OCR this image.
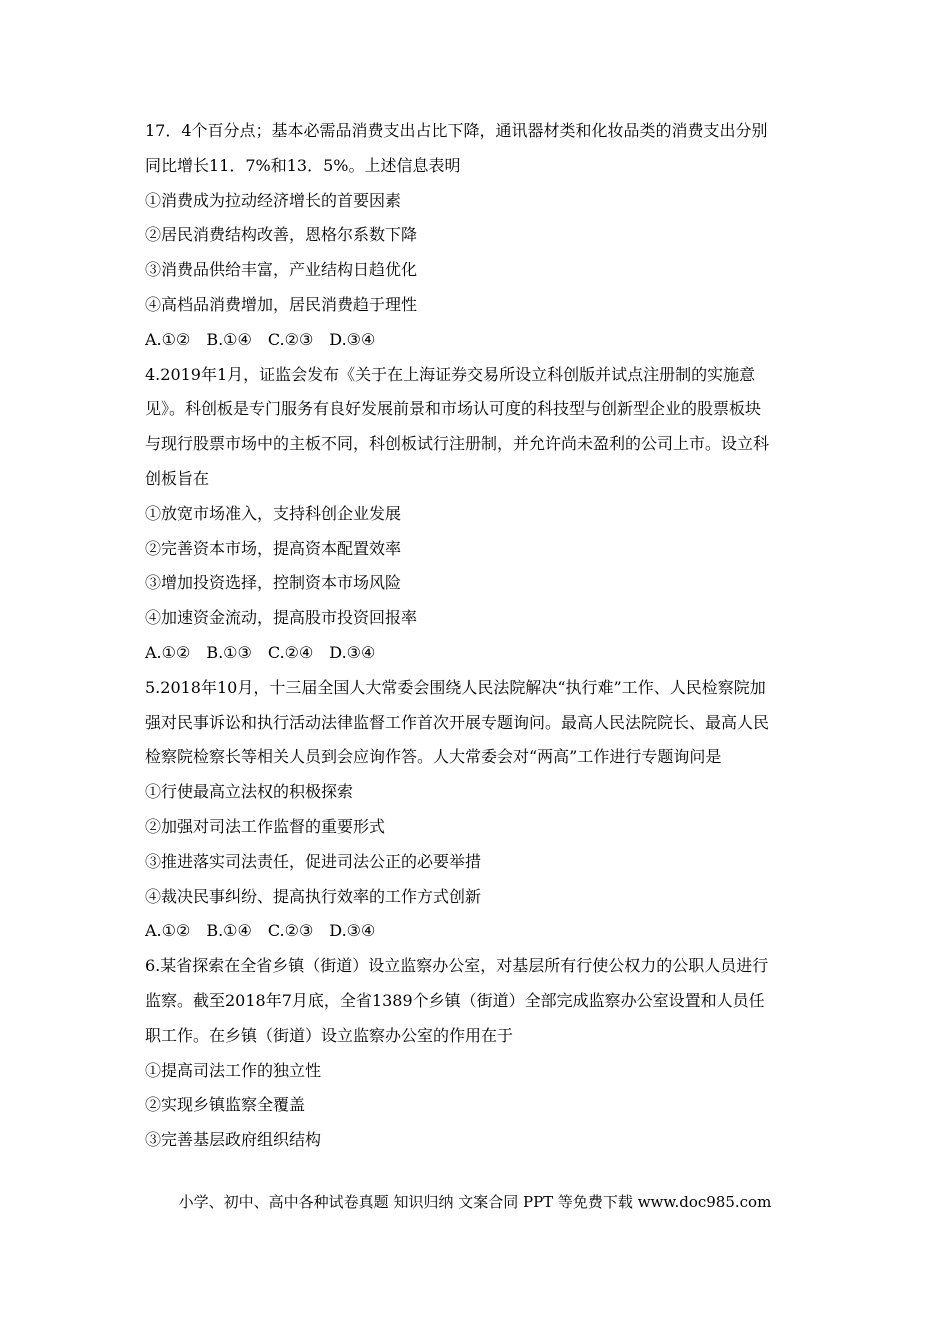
17．4个百分点；基本必需品消费支出占比下降，通讯器材类和化妆品类的消费支出分别
同比增长11．7%和13．5%。上述信息表明
①消费成为拉动经济增长的首要因素
②居民消费结构改善，恩格尔系数下降
③消费品供给丰富，产业结构日趋优化
④高档品消费增加，居民消费趋于理性
A.①②　B.①④　C.②③　D.③④
4.2019年1月，证监会发布《关于在上海证券交易所设立科创版并试点注册制的实施意
见》。科创板是专门服务有良好发展前景和市场认可度的科技型与创新型企业的股票板块
与现行股票市场中的主板不同，科创板试行注册制，并允许尚未盈利的公司上市。设立科
创板旨在
①放宽市场准入，支持科创企业发展
②完善资本市场，提高资本配置效率
③增加投资选择，控制资本市场风险
④加速资金流动，提高股市投资回报率
A.①②　B.①③　C.②④　D.③④
5.2018年10月，十三届全国人大常委会围绕人民法院解决“执行难”工作、人民检察院加
强对民事诉讼和执行活动法律监督工作首次开展专题询问。最高人民法院院长、最高人民
检察院检察长等相关人员到会应询作答。人大常委会对“两高”工作进行专题询问是
①行使最高立法权的积极探索
②加强对司法工作监督的重要形式
③推进落实司法责任，促进司法公正的必要举措
④裁决民事纠纷、提高执行效率的工作方式创新
A.①②　B.①④　C.②③　D.③④
6.某省探索在全省乡镇（街道）设立监察办公室，对基层所有行使公权力的公职人员进行
监察。截至2018年7月底，全省1389个乡镇（街道）全部完成监察办公室设置和人员任
职工作。在乡镇（街道）设立监察办公室的作用在于
①提高司法工作的独立性
②实现乡镇监察全覆盖
③完善基层政府组织结构
小学、初中、高中各种试卷真题 知识归纳 文案合同 PPT 等免费下载 www.doc985.com
